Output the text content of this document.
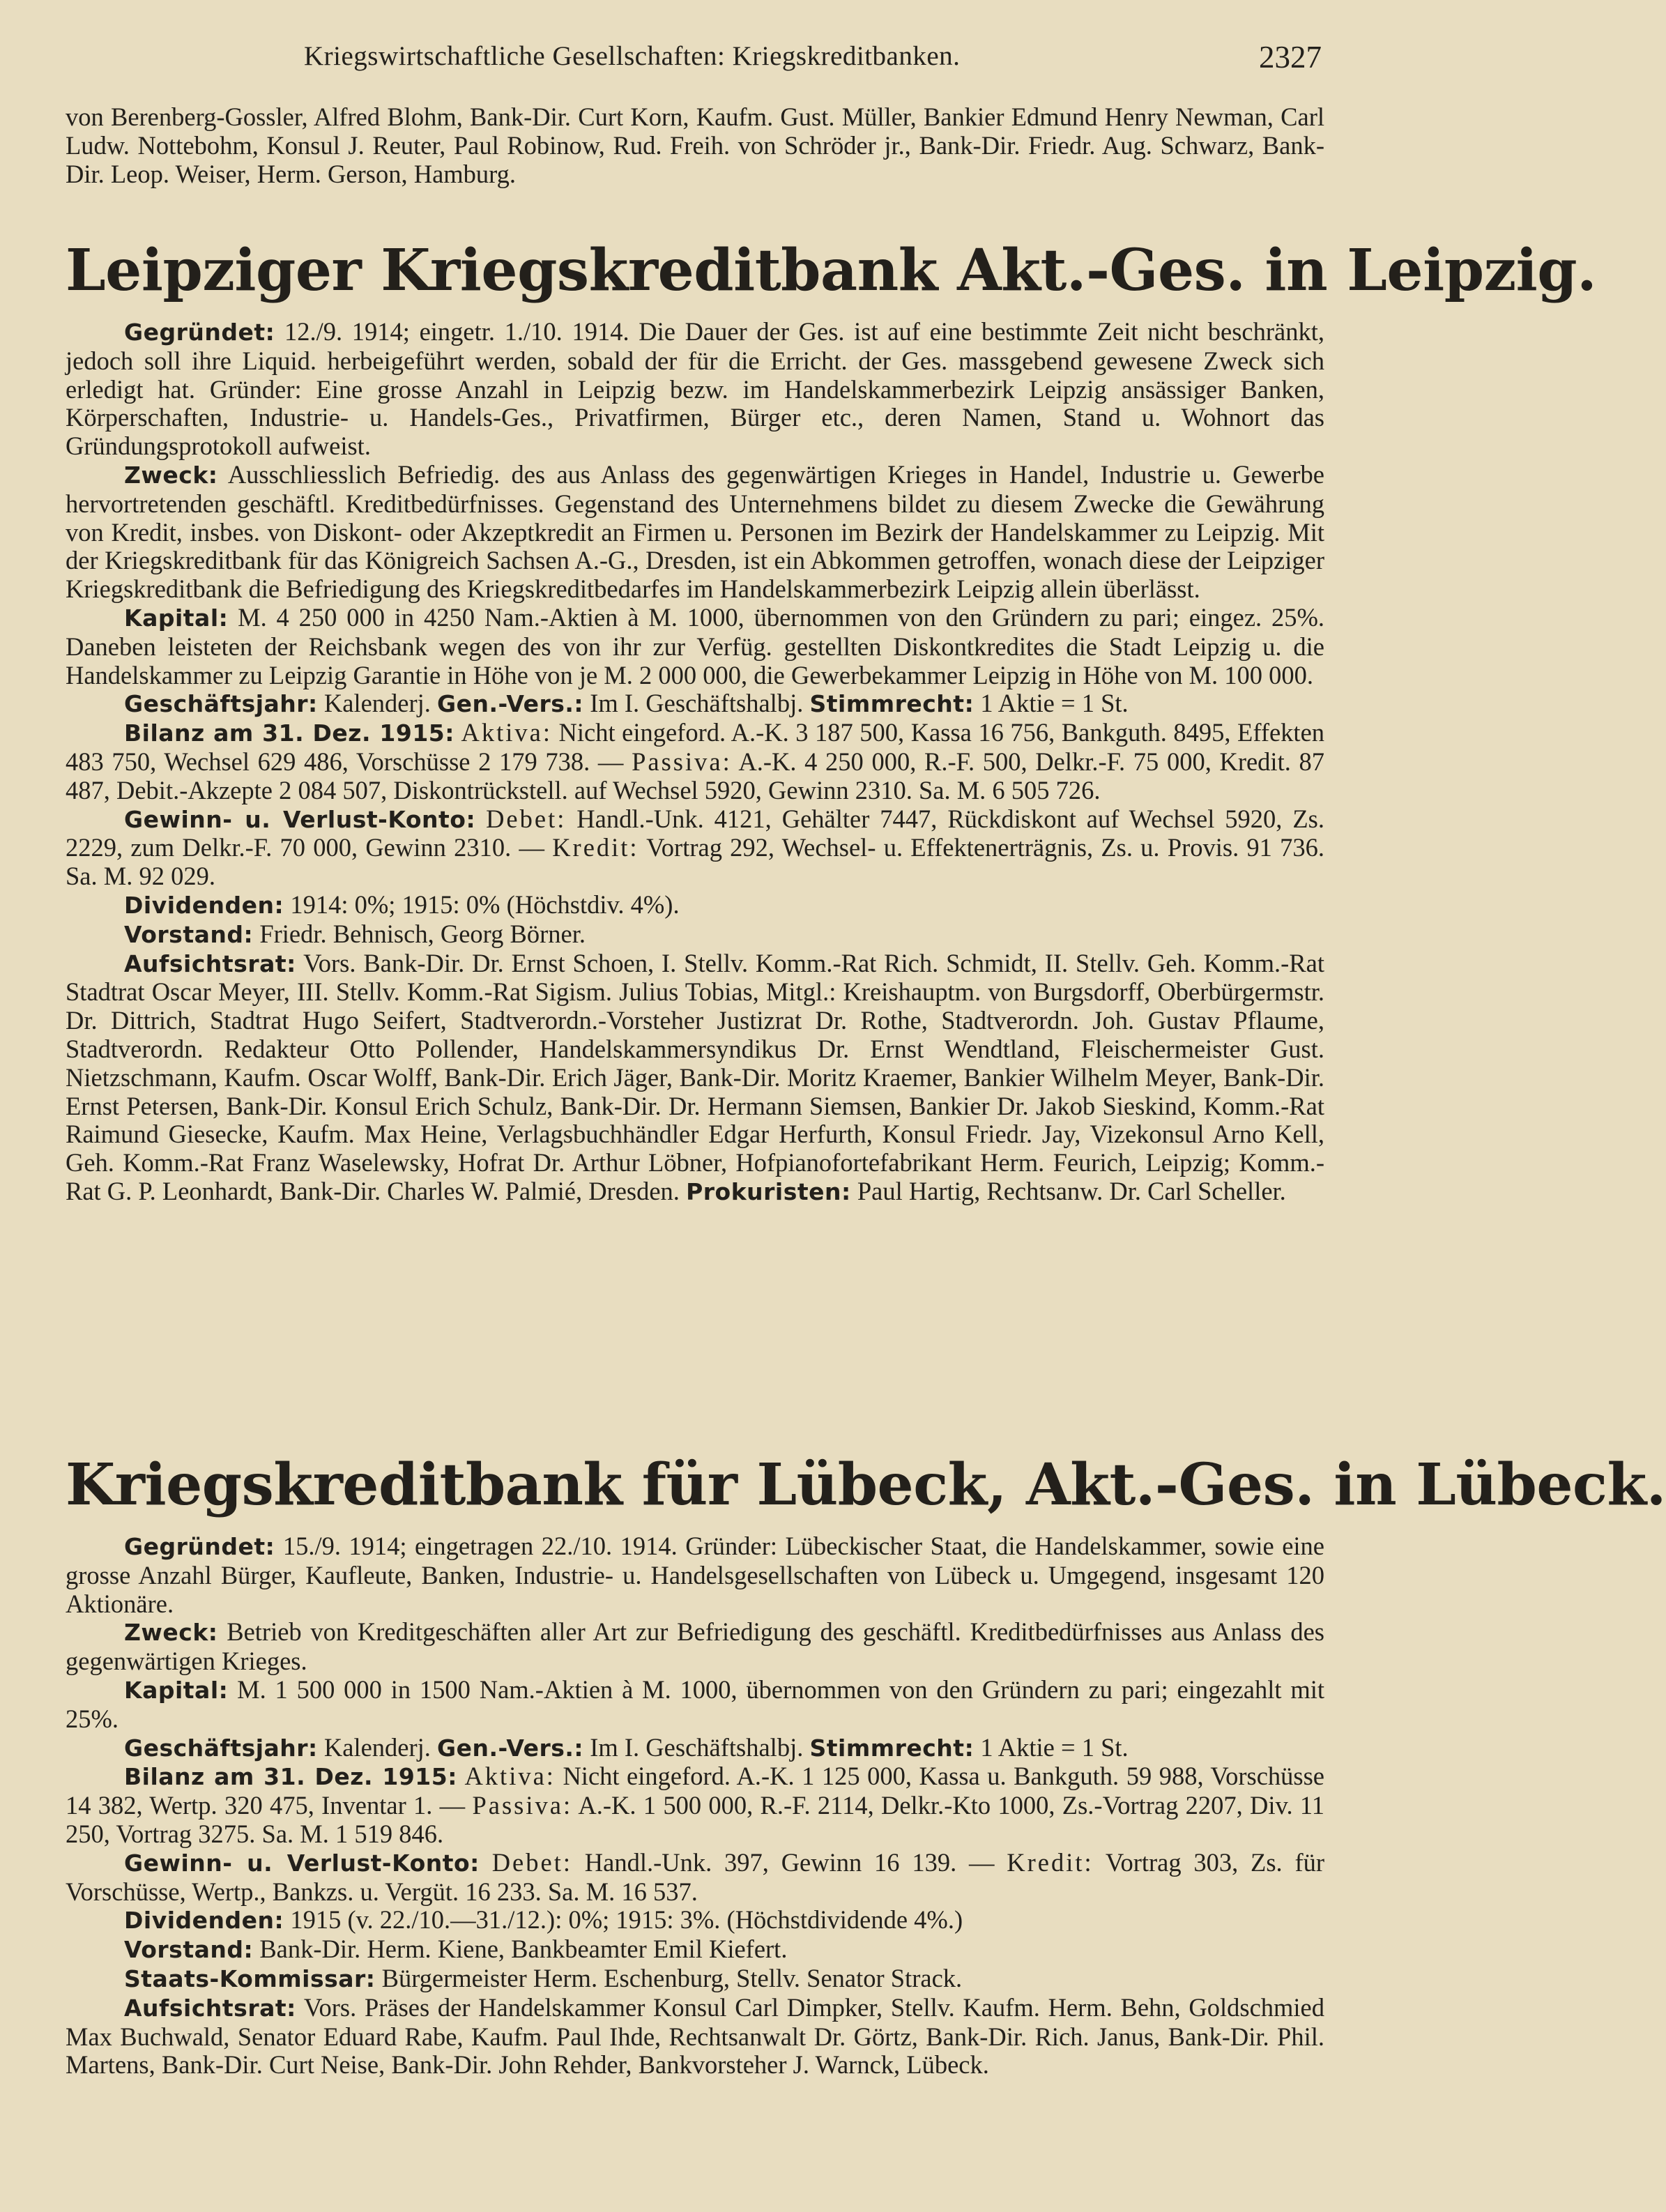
Kriegswirtschaftliche Gesellschaften: Kriegskreditbanken.	2327

von Berenberg-Gossler, Alfred Blohm, Bank-Dir. Curt Korn, Kaufm. Gust. Müller, Bankier Edmund Henry Newman, Carl Ludw. Nottebohm, Konsul J. Reuter, Paul Robinow, Rud. Freih. von Schröder jr., Bank-Dir. Friedr. Aug. Schwarz, Bank-Dir. Leop. Weiser, Herm. Gerson, Hamburg.

Leipziger Kriegskreditbank Akt.-Ges. in Leipzig.

Gegründet: 12./9. 1914; eingetr. 1./10. 1914. Die Dauer der Ges. ist auf eine bestimmte Zeit nicht beschränkt, jedoch soll ihre Liquid. herbeigeführt werden, sobald der für die Erricht. der Ges. massgebend gewesene Zweck sich erledigt hat. Gründer: Eine grosse Anzahl in Leipzig bezw. im Handelskammerbezirk Leipzig ansässiger Banken, Körperschaften, Industrie- u. Handels-Ges., Privatfirmen, Bürger etc., deren Namen, Stand u. Wohnort das Gründungsprotokoll aufweist.

Zweck: Ausschliesslich Befriedig. des aus Anlass des gegenwärtigen Krieges in Handel, Industrie u. Gewerbe hervortretenden geschäftl. Kreditbedürfnisses. Gegenstand des Unternehmens bildet zu diesem Zwecke die Gewährung von Kredit, insbes. von Diskont- oder Akzeptkredit an Firmen u. Personen im Bezirk der Handelskammer zu Leipzig. Mit der Kriegskreditbank für das Königreich Sachsen A.-G., Dresden, ist ein Abkommen getroffen, wonach diese der Leipziger Kriegskreditbank die Befriedigung des Kriegskreditbedarfes im Handelskammerbezirk Leipzig allein überlässt.

Kapital: M. 4 250 000 in 4250 Nam.-Aktien à M. 1000, übernommen von den Gründern zu pari; eingez. 25%. Daneben leisteten der Reichsbank wegen des von ihr zur Verfüg. gestellten Diskontkredites die Stadt Leipzig u. die Handelskammer zu Leipzig Garantie in Höhe von je M. 2 000 000, die Gewerbekammer Leipzig in Höhe von M. 100 000.

Geschäftsjahr: Kalenderj. Gen.-Vers.: Im I. Geschäftshalbj. Stimmrecht: 1 Aktie = 1 St.

Bilanz am 31. Dez. 1915: Aktiva: Nicht eingeford. A.-K. 3 187 500, Kassa 16 756, Bankguth. 8495, Effekten 483 750, Wechsel 629 486, Vorschüsse 2 179 738. — Passiva: A.-K. 4 250 000, R.-F. 500, Delkr.-F. 75 000, Kredit. 87 487, Debit.-Akzepte 2 084 507, Diskontrückstell. auf Wechsel 5920, Gewinn 2310. Sa. M. 6 505 726.

Gewinn- u. Verlust-Konto: Debet: Handl.-Unk. 4121, Gehälter 7447, Rückdiskont auf Wechsel 5920, Zs. 2229, zum Delkr.-F. 70 000, Gewinn 2310. — Kredit: Vortrag 292, Wechsel- u. Effektenerträgnis, Zs. u. Provis. 91 736. Sa. M. 92 029.

Dividenden: 1914: 0%; 1915: 0% (Höchstdiv. 4%).

Vorstand: Friedr. Behnisch, Georg Börner.

Aufsichtsrat: Vors. Bank-Dir. Dr. Ernst Schoen, I. Stellv. Komm.-Rat Rich. Schmidt, II. Stellv. Geh. Komm.-Rat Stadtrat Oscar Meyer, III. Stellv. Komm.-Rat Sigism. Julius Tobias, Mitgl.: Kreishauptm. von Burgsdorff, Oberbürgermstr. Dr. Dittrich, Stadtrat Hugo Seifert, Stadtverordn.-Vorsteher Justizrat Dr. Rothe, Stadtverordn. Joh. Gustav Pflaume, Stadtverordn. Redakteur Otto Pollender, Handelskammersyndikus Dr. Ernst Wendtland, Fleischermeister Gust. Nietzschmann, Kaufm. Oscar Wolff, Bank-Dir. Erich Jäger, Bank-Dir. Moritz Kraemer, Bankier Wilhelm Meyer, Bank-Dir. Ernst Petersen, Bank-Dir. Konsul Erich Schulz, Bank-Dir. Dr. Hermann Siemsen, Bankier Dr. Jakob Sieskind, Komm.-Rat Raimund Giesecke, Kaufm. Max Heine, Verlagsbuchhändler Edgar Herfurth, Konsul Friedr. Jay, Vizekonsul Arno Kell, Geh. Komm.-Rat Franz Waselewsky, Hofrat Dr. Arthur Löbner, Hofpianofortefabrikant Herm. Feurich, Leipzig; Komm.-Rat G. P. Leonhardt, Bank-Dir. Charles W. Palmié, Dresden. Prokuristen: Paul Hartig, Rechtsanw. Dr. Carl Scheller.

Kriegskreditbank für Lübeck, Akt.-Ges. in Lübeck.

Gegründet: 15./9. 1914; eingetragen 22./10. 1914. Gründer: Lübeckischer Staat, die Handelskammer, sowie eine grosse Anzahl Bürger, Kaufleute, Banken, Industrie- u. Handelsgesellschaften von Lübeck u. Umgegend, insgesamt 120 Aktionäre.

Zweck: Betrieb von Kreditgeschäften aller Art zur Befriedigung des geschäftl. Kreditbedürfnisses aus Anlass des gegenwärtigen Krieges.

Kapital: M. 1 500 000 in 1500 Nam.-Aktien à M. 1000, übernommen von den Gründern zu pari; eingezahlt mit 25%.

Geschäftsjahr: Kalenderj. Gen.-Vers.: Im I. Geschäftshalbj. Stimmrecht: 1 Aktie = 1 St.

Bilanz am 31. Dez. 1915: Aktiva: Nicht eingeford. A.-K. 1 125 000, Kassa u. Bankguth. 59 988, Vorschüsse 14 382, Wertp. 320 475, Inventar 1. — Passiva: A.-K. 1 500 000, R.-F. 2114, Delkr.-Kto 1000, Zs.-Vortrag 2207, Div. 11 250, Vortrag 3275. Sa. M. 1 519 846.

Gewinn- u. Verlust-Konto: Debet: Handl.-Unk. 397, Gewinn 16 139. — Kredit: Vortrag 303, Zs. für Vorschüsse, Wertp., Bankzs. u. Vergüt. 16 233. Sa. M. 16 537.

Dividenden: 1915 (v. 22./10.—31./12.): 0%; 1915: 3%. (Höchstdividende 4%.)

Vorstand: Bank-Dir. Herm. Kiene, Bankbeamter Emil Kiefert.

Staats-Kommissar: Bürgermeister Herm. Eschenburg, Stellv. Senator Strack.

Aufsichtsrat: Vors. Präses der Handelskammer Konsul Carl Dimpker, Stellv. Kaufm. Herm. Behn, Goldschmied Max Buchwald, Senator Eduard Rabe, Kaufm. Paul Ihde, Rechtsanwalt Dr. Görtz, Bank-Dir. Rich. Janus, Bank-Dir. Phil. Martens, Bank-Dir. Curt Neise, Bank-Dir. John Rehder, Bankvorsteher J. Warnck, Lübeck.
